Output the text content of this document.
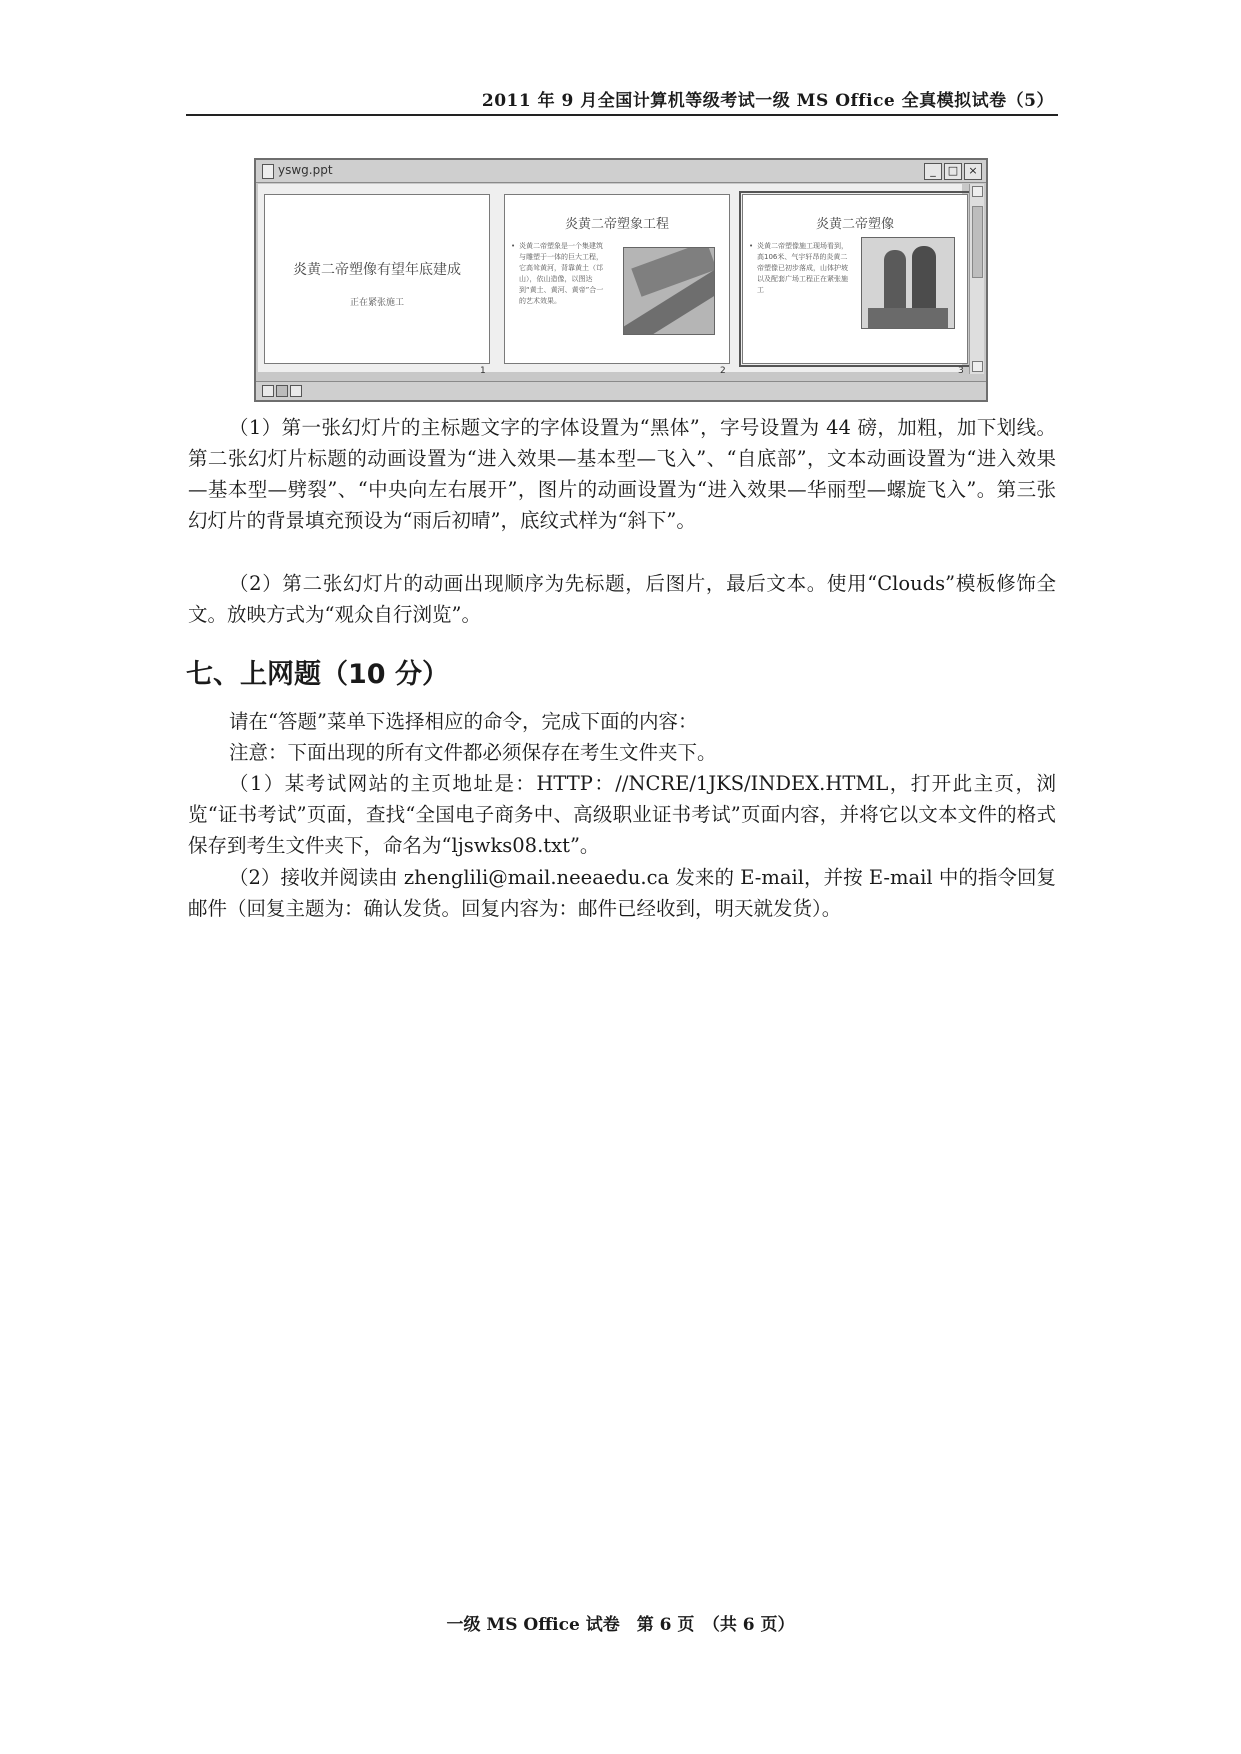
2011 年 9 月全国计算机等级考试一级 MS Office 全真模拟试卷（5）
yswg.ppt	_	□ ×
炎黄二帝塑像有望年底建成
正在紧张施工
炎黄二帝塑象工程
• 炎黄二帝塑象是一个集建筑与雕塑于一体的巨大工程，它高耸黄河，背靠黄土（邙山），依山造像，以图达到“黄土、黄河、黄帝”合一的艺术效果。
炎黄二帝塑像
• 炎黄二帝塑像施工现场看到，高106米、气宇轩昂的炎黄二帝塑像已初步落成，山体护坡以及配套广场工程正在紧张施工
1	2	3

（1）第一张幻灯片的主标题文字的字体设置为“黑体”，字号设置为 44 磅，加粗，加下划线。第二张幻灯片标题的动画设置为“进入效果—基本型—飞入”、“自底部”，文本动画设置为“进入效果—基本型—劈裂”、“中央向左右展开”，图片的动画设置为“进入效果—华丽型—螺旋飞入”。第三张幻灯片的背景填充预设为“雨后初晴”，底纹式样为“斜下”。

（2）第二张幻灯片的动画出现顺序为先标题，后图片，最后文本。使用“Clouds”模板修饰全文。放映方式为“观众自行浏览”。

七、上网题（10 分）

请在“答题”菜单下选择相应的命令，完成下面的内容：

注意：下面出现的所有文件都必须保存在考生文件夹下。

（1）某考试网站的主页地址是：HTTP：//NCRE/1JKS/INDEX.HTML，打开此主页，浏览“证书考试”页面，查找“全国电子商务中、高级职业证书考试”页面内容，并将它以文本文件的格式保存到考生文件夹下，命名为“ljswks08.txt”。

（2）接收并阅读由 zhenglili@mail.neeaedu.ca 发来的 E-mail，并按 E-mail 中的指令回复邮件（回复主题为：确认发货。回复内容为：邮件已经收到，明天就发货）。

一级 MS Office 试卷　第 6 页　（共 6 页）
